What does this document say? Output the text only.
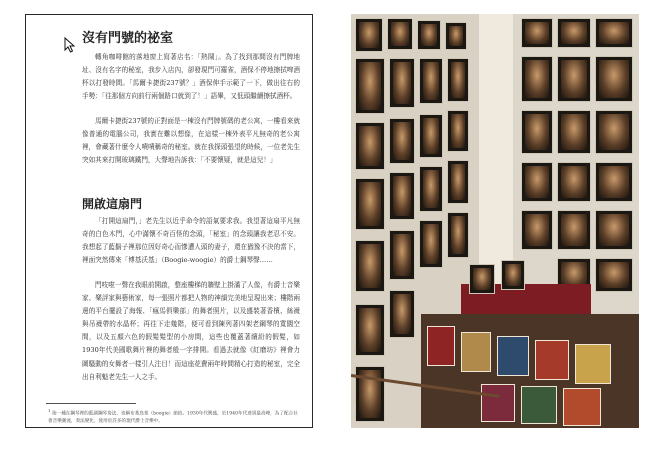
沒有門號的祕室

轉角咖啡館的落地窗上寫著店名：「熱鬧」。為了找到那間沒有門牌地址、沒有名字的秘室，我步入店內，卻發現門可羅雀，酒保不停地擦拭啤酒杯以打發時間。「馬爾卡捷街237號？」酒保伸手示範了一下，做出往右的手勢：「往那個方向前行兩個路口就到了！」語畢，又低頭繼續擦拭酒杯。

馬爾卡捷街237號的正對面是一棟沒有門牌號碼的老公寓，一樓看來就像普通的電腦公司，我實在難以想像，在這樣一棟外表平凡無奇的老公寓裡，會藏著什麼令人嘖嘖稱奇的秘室。就在我探頭張望的時候，一位老先生突如其來打開玻璃鐵門，大聲地告訴我：「不要懷疑，就是這兒！」

開啟這扇門

「打開這扇門，」老先生以近乎命令的語氣要求我。我望著這扇平凡無奇的白色木門，心中滿懷不奇百怪的念頭，「秘室」的念頭讓我老忍不安。我想起了藍鬍子裡那位因好奇心而慘遭人頭的妻子，還在猶豫不決的當下，裡面突然傳來「博基沃基」（Boogie-woogie）的爵士鋼琴聲……

門吱啦一聲在我眼前開啟，整座樓梯的牆壁上掛滿了人像，有爵士音樂家、樂評家與藝術家，每一張照片都把人物的神韻完美地呈現出來；樓階兩邊的平台擺設了海報、「瘋馬俱樂部」的舞者照片，以及盛裝著香檳、絲襪與吊襪帶的水晶杯；再往下走幾階，便可看到陳列著四架老鋼琴的寬闊空間，以及五顏六色的假髮髮型的小房間，這些也覆蓋著繽紛的假髮，如1930年代美國歌舞片裡的舞者般一字排開。看過去就像《紅磨坊》裡會力圖騷動的女舞者一樣引人注目！而這座花費兩年時間精心打造的秘室，完全出自利魁老先生一人之手。

1 指一種在鋼琴裡的藍調鋼琴奏法，也稱布基鳥基（boogie）節拍。1930年代興盛，於1940年代達到最高峰，為了配合社會音樂潮流，奏法變化，使用於許多的現代爵士音樂中。
